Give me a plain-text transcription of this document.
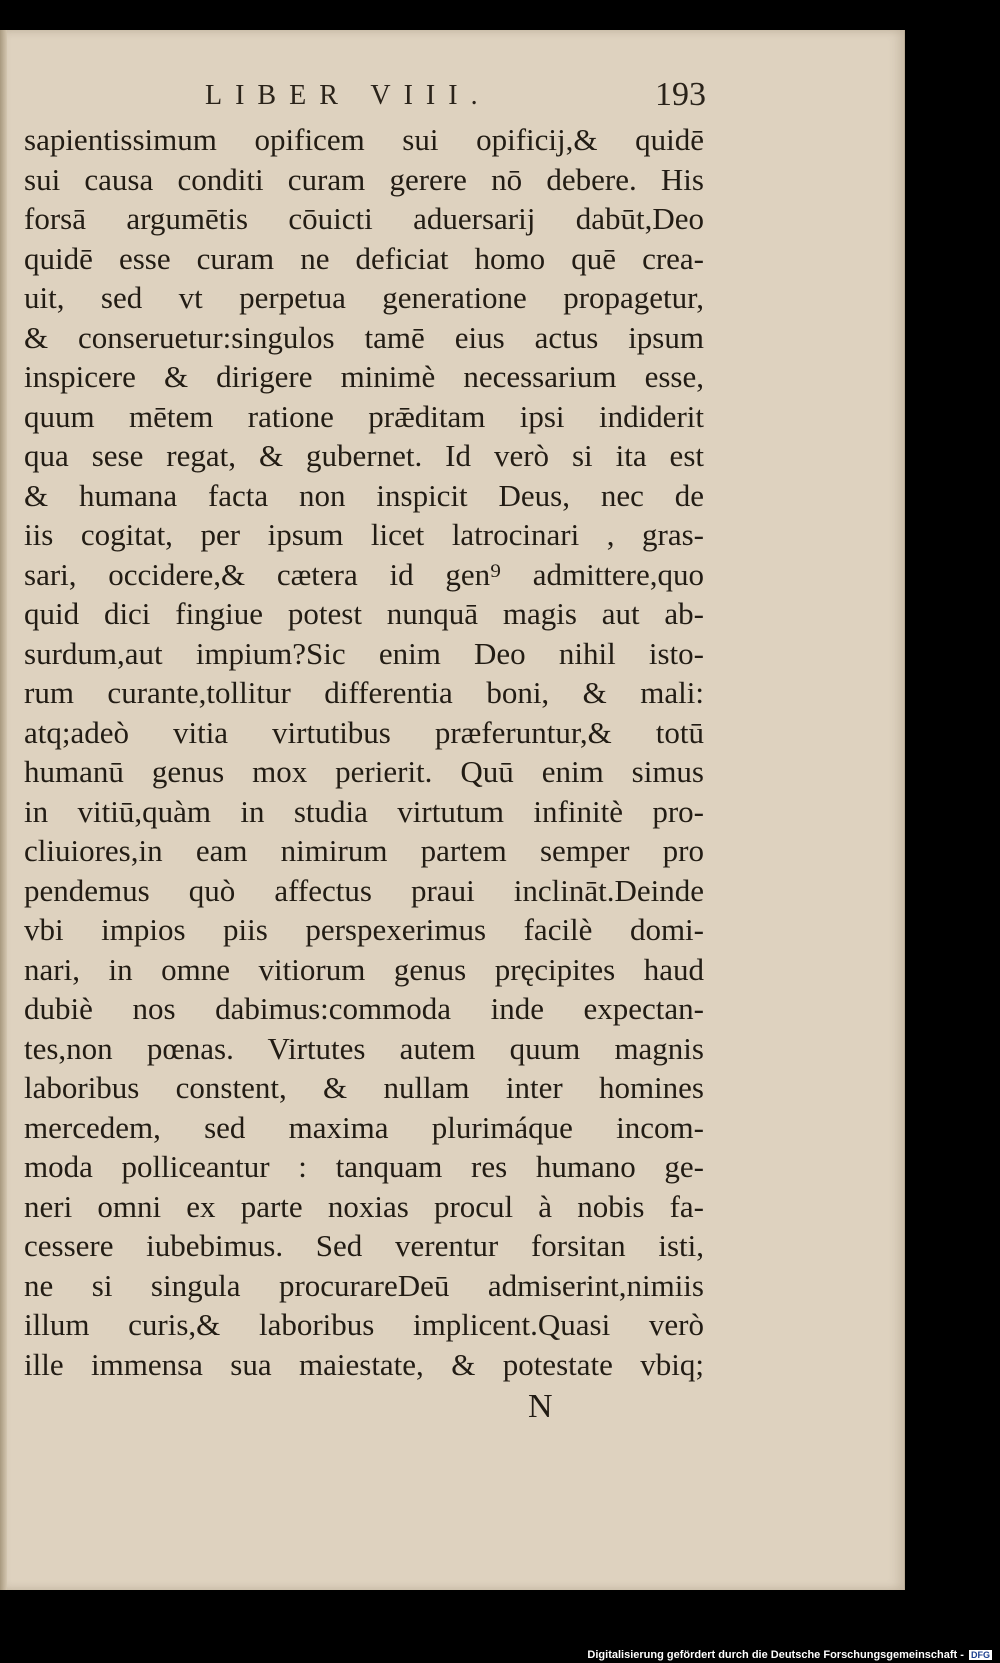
LIBER VIII.	193
sapientissimum opificem sui opificij,& quidē
sui causa conditi curam gerere nō debere. His
forsā argumētis cōuicti aduersarij dabūt,Deo
quidē esse curam ne deficiat homo quē crea-
uit, sed vt perpetua generatione propagetur,
& conseruetur:singulos tamē eius actus ipsum
inspicere & dirigere minimè necessarium esse,
quum mētem ratione prǣditam ipsi indiderit
qua sese regat, & gubernet. Id verò si ita est
& humana facta non inspicit Deus, nec de
iis cogitat, per ipsum licet latrocinari , gras-
sari, occidere,& cætera id gen⁹ admittere,quo
quid dici fingiue potest nunquā magis aut ab-
surdum,aut impium?Sic enim Deo nihil isto-
rum curante,tollitur differentia boni, & mali:
atq;adeò vitia virtutibus præferuntur,& totū
humanū genus mox perierit. Quū enim simus
in vitiū,quàm in studia virtutum infinitè pro-
cliuiores,in eam nimirum partem semper pro
pendemus quò affectus praui inclināt.Deinde
vbi impios piis perspexerimus facilè domi-
nari, in omne vitiorum genus pręcipites haud
dubiè nos dabimus:commoda inde expectan-
tes,non pœnas. Virtutes autem quum magnis
laboribus constent, & nullam inter homines
mercedem, sed maxima plurimáque incom-
moda polliceantur : tanquam res humano ge-
neri omni ex parte noxias procul à nobis fa-
cessere iubebimus. Sed verentur forsitan isti,
ne si singula procurareDeū admiserint,nimiis
illum curis,& laboribus implicent.Quasi verò
ille immensa sua maiestate, & potestate vbiq;
N
Digitalisierung gefördert durch die Deutsche Forschungsgemeinschaft - DFG
